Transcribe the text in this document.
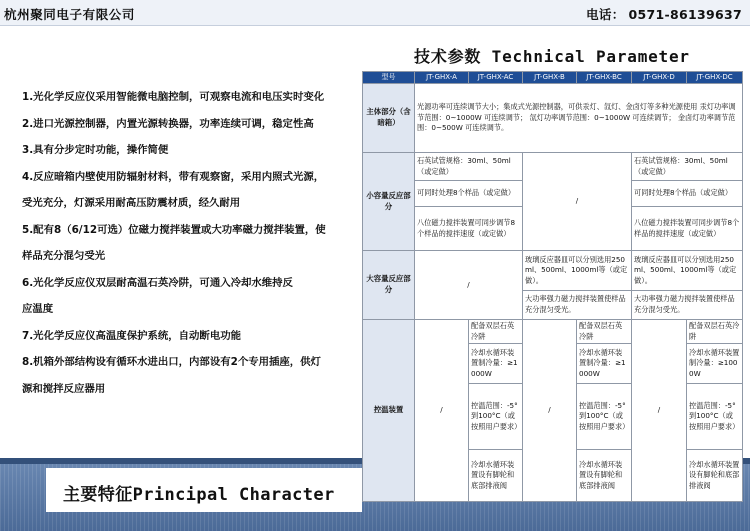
杭州聚同电子有限公司	电话： 0571-86139637
技术参数 Technical Parameter
1.光化学反应仪采用智能微电脑控制，可观察电流和电压实时变化
2.进口光源控制器，内置光源转换器，功率连续可调，稳定性高
3.具有分步定时功能，操作简便
4.反应暗箱内壁使用防辐射材料，带有观察窗，采用内照式光源，
受光充分，灯源采用耐高压防震材质，经久耐用
5.配有8（6/12可选）位磁力搅拌装置或大功率磁力搅拌装置，使
样品充分混匀受光
6.光化学反应仪双层耐高温石英冷阱，可通入冷却水维持反
应温度
7.光化学反应仪高温度保护系统，自动断电功能
8.机箱外部结构设有循环水进出口，内部设有2个专用插座，供灯
源和搅拌反应器用
主要特征Principal Character
型号	JT-GHX-A	JT-GHX-AC	JT-GHX-B	JT-GHX-BC	JT-GHX-D	JT-GHX-DC
主体部分（含暗箱）	光源功率可连续调节大小；集成式光源控制器，可供汞灯、氙灯、金卤灯等多种光源使用 汞灯功率调节范围：0~1000W 可连续调节； 氙灯功率调节范围：0~1000W 可连续调节； 金卤灯功率调节范围：0~500W 可连续调节。					
小容量反应部分	石英试管规格：30ml、50ml（或定做）		/		石英试管规格：30ml、50ml（或定做）	
	可同时处理8个样品（或定做）				可同时处理8个样品（或定做）	
	八位磁力搅拌装置可同步调节8个样品的搅拌速度（或定做）				八位磁力搅拌装置可同步调节8个样品的搅拌速度（或定做）	
大容量反应部分	/		玻璃反应器皿可以分别选用250ml、500ml、1000ml等（或定做）。		玻璃反应器皿可以分别选用250ml、500ml、1000ml等（或定做）。	
			大功率强力磁力搅拌装置使样品充分混匀受光。		大功率强力磁力搅拌装置使样品充分混匀受光。	
控温装置	/	配备双层石英冷阱	/	配备双层石英冷阱	/	配备双层石英冷阱
		冷却水循环装置制冷量：≥1000W		冷却水循环装置制冷量：≥1000W		冷却水循环装置制冷量：≥1000W
		控温范围：-5°到100°C（或按照用户要求）		控温范围：-5°到100°C（或按照用户要求）		控温范围：-5°到100°C（或按照用户要求）
		冷却水循环装置设有脚轮和底部排液阀		冷却水循环装置设有脚轮和底部排液阀		冷却水循环装置设有脚轮和底部排液阀
